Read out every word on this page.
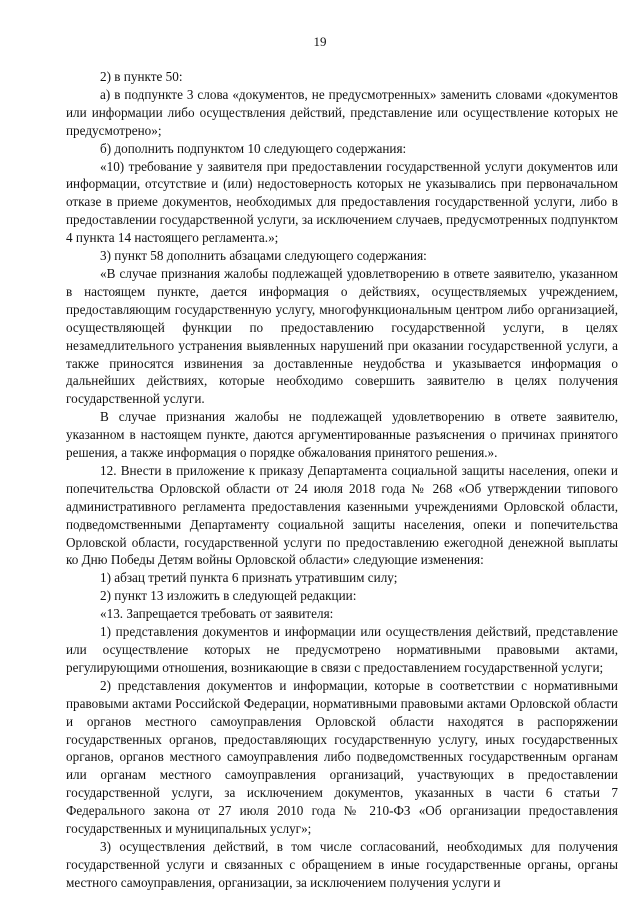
19

2) в пункте 50:

а) в подпункте 3 слова «документов, не предусмотренных» заменить словами «документов или информации либо осуществления действий, представление или осуществление которых не предусмотрено»;

б) дополнить подпунктом 10 следующего содержания:

«10) требование у заявителя при предоставлении государственной услуги документов или информации, отсутствие и (или) недостоверность которых не указывались при первоначальном отказе в приеме документов, необходимых для предоставления государственной услуги, либо в предоставлении государственной услуги, за исключением случаев, предусмотренных подпунктом 4 пункта 14 настоящего регламента.»;

3) пункт 58 дополнить абзацами следующего содержания:

«В случае признания жалобы подлежащей удовлетворению в ответе заявителю, указанном в настоящем пункте, дается информация о действиях, осуществляемых учреждением, предоставляющим государственную услугу, многофункциональным центром либо организацией, осуществляющей функции по предоставлению государственной услуги, в целях незамедлительного устранения выявленных нарушений при оказании государственной услуги, а также приносятся извинения за доставленные неудобства и указывается информация о дальнейших действиях, которые необходимо совершить заявителю в целях получения государственной услуги.

В случае признания жалобы не подлежащей удовлетворению в ответе заявителю, указанном в настоящем пункте, даются аргументированные разъяснения о причинах принятого решения, а также информация о порядке обжалования принятого решения.».

12. Внести в приложение к приказу Департамента социальной защиты населения, опеки и попечительства Орловской области от 24 июля 2018 года № 268 «Об утверждении типового административного регламента предоставления казенными учреждениями Орловской области, подведомственными Департаменту социальной защиты населения, опеки и попечительства Орловской области, государственной услуги по предоставлению ежегодной денежной выплаты ко Дню Победы Детям войны Орловской области» следующие изменения:

1) абзац третий пункта 6 признать утратившим силу;

2) пункт 13 изложить в следующей редакции:

«13. Запрещается требовать от заявителя:

1) представления документов и информации или осуществления действий, представление или осуществление которых не предусмотрено нормативными правовыми актами, регулирующими отношения, возникающие в связи с предоставлением государственной услуги;

2) представления документов и информации, которые в соответствии с нормативными правовыми актами Российской Федерации, нормативными правовыми актами Орловской области и органов местного самоуправления Орловской области находятся в распоряжении государственных органов, предоставляющих государственную услугу, иных государственных органов, органов местного самоуправления либо подведомственных государственным органам или органам местного самоуправления организаций, участвующих в предоставлении государственной услуги, за исключением документов, указанных в части 6 статьи 7 Федерального закона от 27 июля 2010 года № 210-ФЗ «Об организации предоставления государственных и муниципальных услуг»;

3) осуществления действий, в том числе согласований, необходимых для получения государственной услуги и связанных с обращением в иные государственные органы, органы местного самоуправления, организации, за исключением получения услуги и
